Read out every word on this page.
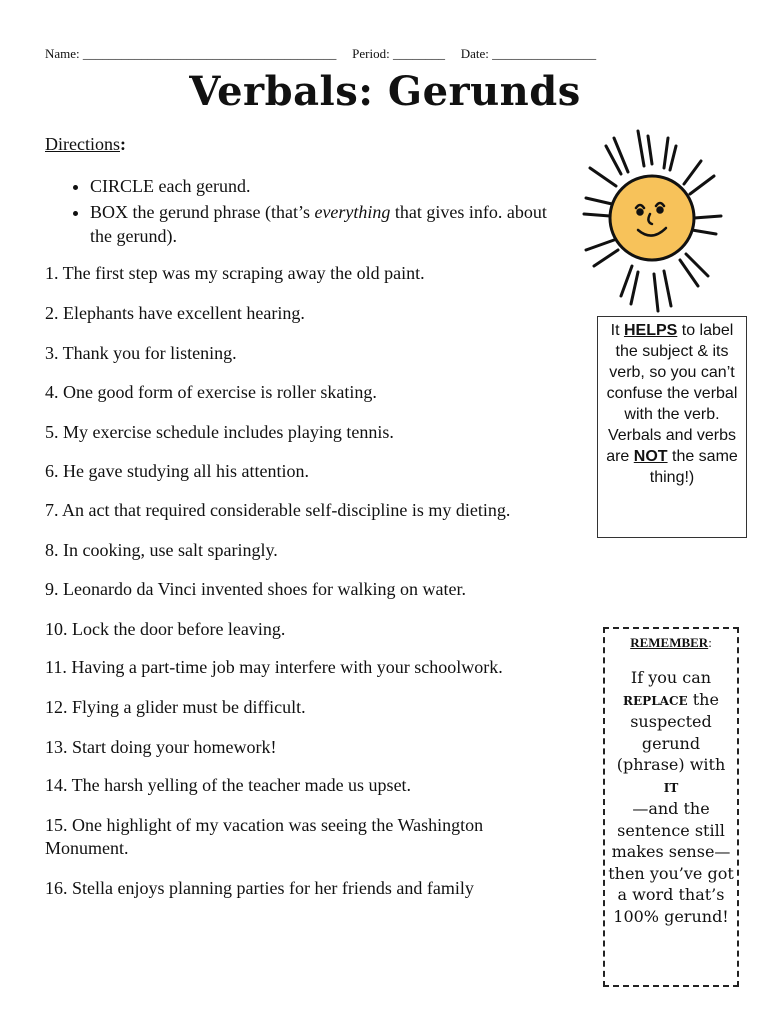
Name: _______________________________________ Period: ________ Date: ________________
Verbals: Gerunds
Directions:
• CIRCLE each gerund.
• BOX the gerund phrase (that’s everything that gives info. about the gerund).
1. The first step was my scraping away the old paint.
2. Elephants have excellent hearing.
3. Thank you for listening.
4. One good form of exercise is roller skating.
5. My exercise schedule includes playing tennis.
6. He gave studying all his attention.
7. An act that required considerable self-discipline is my dieting.
8. In cooking, use salt sparingly.
9. Leonardo da Vinci invented shoes for walking on water.
10. Lock the door before leaving.
11. Having a part-time job may interfere with your schoolwork.
12. Flying a glider must be difficult.
13. Start doing your homework!
14. The harsh yelling of the teacher made us upset.
15. One highlight of my vacation was seeing the Washington Monument.
16. Stella enjoys planning parties for her friends and family
It HELPS to label the subject & its verb, so you can’t confuse the verbal with the verb.
Verbals and verbs are NOT the same thing!)
REMEMBER:
If you can
replace the suspected gerund (phrase) with
it
—and the sentence still makes sense—then you’ve got a word that’s 100% gerund!
